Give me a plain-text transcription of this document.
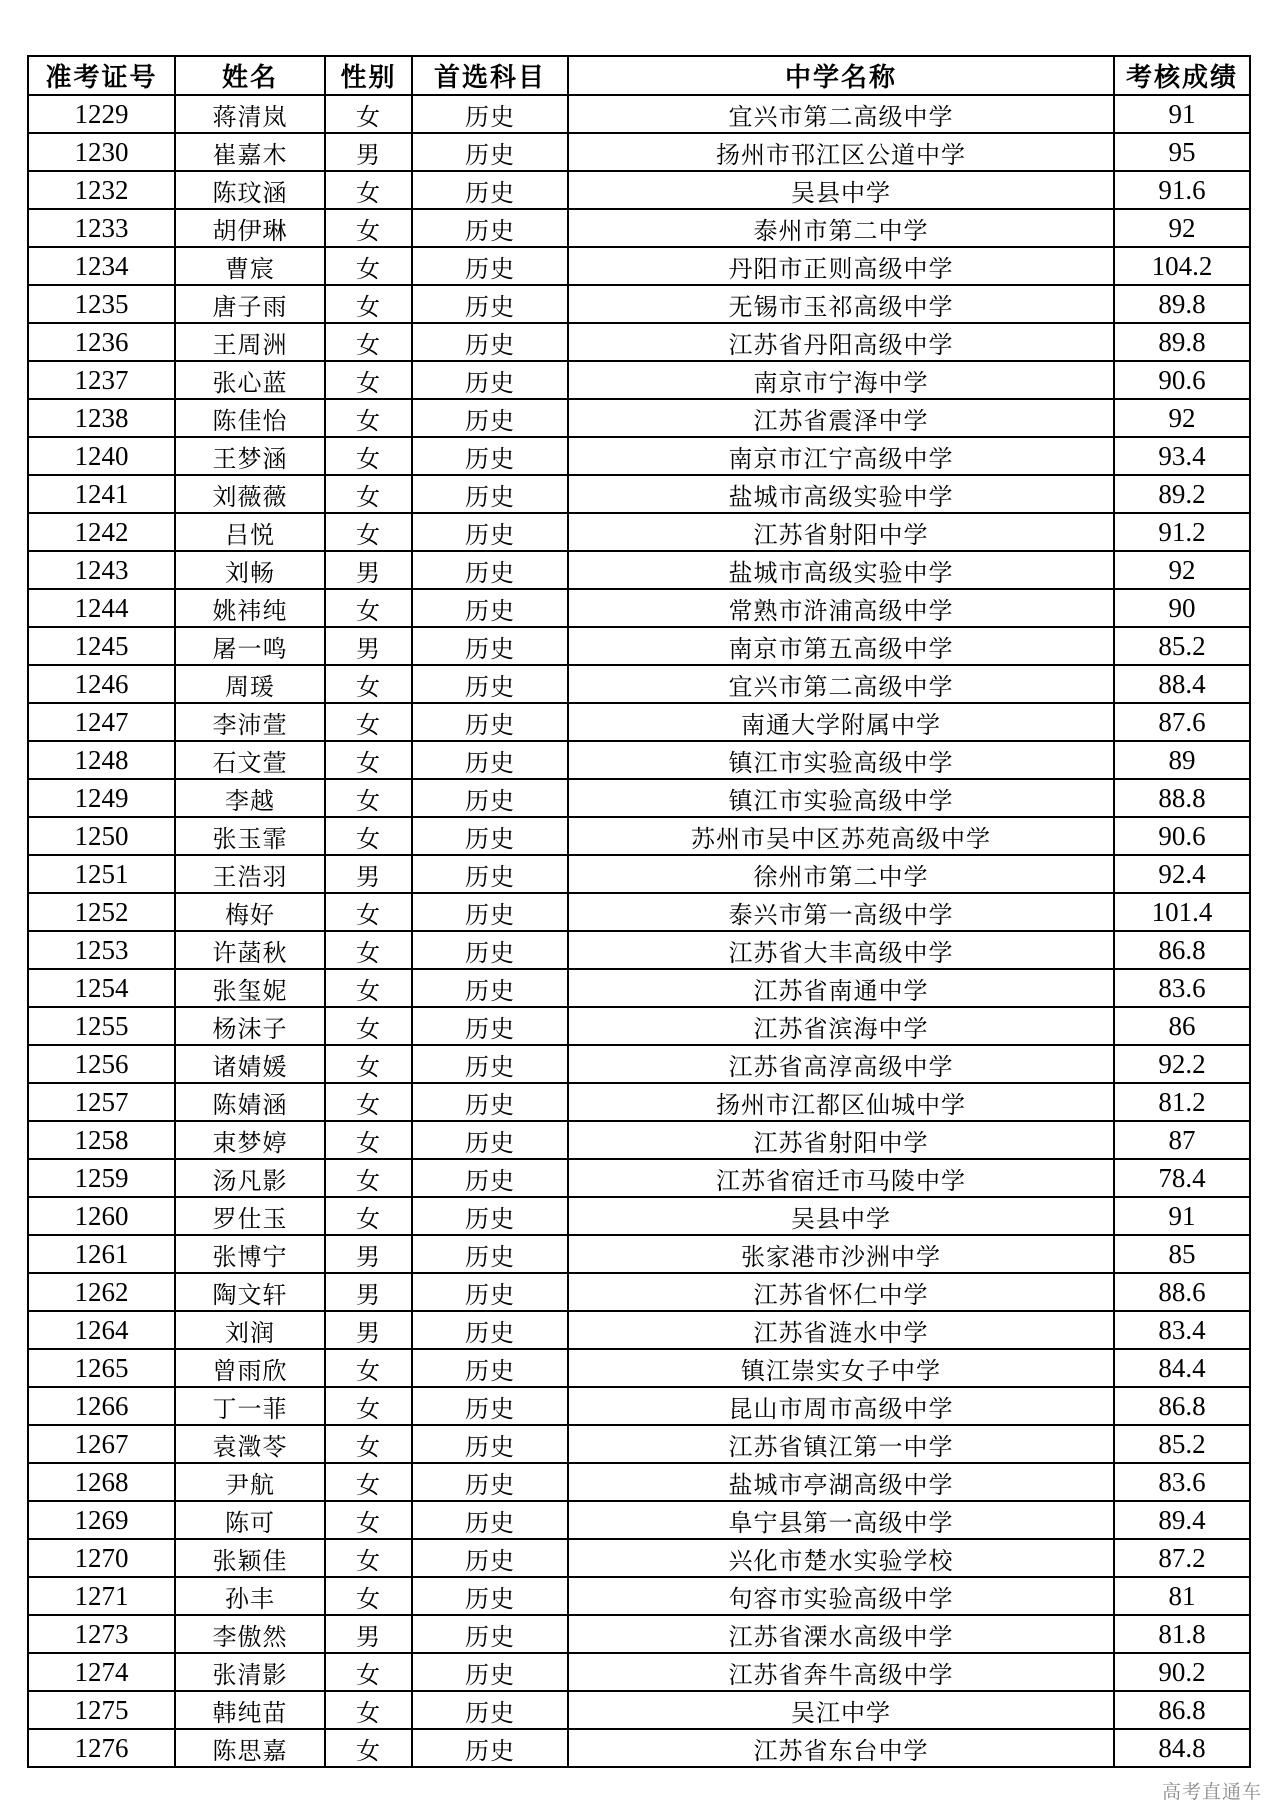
准考证号	姓名	性别	首选科目	中学名称	考核成绩
1229	蒋清岚	女	历史	宜兴市第二高级中学	91
1230	崔嘉木	男	历史	扬州市邗江区公道中学	95
1232	陈玟涵	女	历史	吴县中学	91.6
1233	胡伊琳	女	历史	泰州市第二中学	92
1234	曹宸	女	历史	丹阳市正则高级中学	104.2
1235	唐子雨	女	历史	无锡市玉祁高级中学	89.8
1236	王周洲	女	历史	江苏省丹阳高级中学	89.8
1237	张心蓝	女	历史	南京市宁海中学	90.6
1238	陈佳怡	女	历史	江苏省震泽中学	92
1240	王梦涵	女	历史	南京市江宁高级中学	93.4
1241	刘薇薇	女	历史	盐城市高级实验中学	89.2
1242	吕悦	女	历史	江苏省射阳中学	91.2
1243	刘畅	男	历史	盐城市高级实验中学	92
1244	姚祎纯	女	历史	常熟市浒浦高级中学	90
1245	屠一鸣	男	历史	南京市第五高级中学	85.2
1246	周瑗	女	历史	宜兴市第二高级中学	88.4
1247	李沛萱	女	历史	南通大学附属中学	87.6
1248	石文萱	女	历史	镇江市实验高级中学	89
1249	李越	女	历史	镇江市实验高级中学	88.8
1250	张玉霏	女	历史	苏州市吴中区苏苑高级中学	90.6
1251	王浩羽	男	历史	徐州市第二中学	92.4
1252	梅好	女	历史	泰兴市第一高级中学	101.4
1253	许菡秋	女	历史	江苏省大丰高级中学	86.8
1254	张玺妮	女	历史	江苏省南通中学	83.6
1255	杨沫子	女	历史	江苏省滨海中学	86
1256	诸婧媛	女	历史	江苏省高淳高级中学	92.2
1257	陈婧涵	女	历史	扬州市江都区仙城中学	81.2
1258	束梦婷	女	历史	江苏省射阳中学	87
1259	汤凡影	女	历史	江苏省宿迁市马陵中学	78.4
1260	罗仕玉	女	历史	吴县中学	91
1261	张博宁	男	历史	张家港市沙洲中学	85
1262	陶文轩	男	历史	江苏省怀仁中学	88.6
1264	刘润	男	历史	江苏省涟水中学	83.4
1265	曾雨欣	女	历史	镇江崇实女子中学	84.4
1266	丁一菲	女	历史	昆山市周市高级中学	86.8
1267	袁澂苓	女	历史	江苏省镇江第一中学	85.2
1268	尹航	女	历史	盐城市亭湖高级中学	83.6
1269	陈可	女	历史	阜宁县第一高级中学	89.4
1270	张颖佳	女	历史	兴化市楚水实验学校	87.2
1271	孙丰	女	历史	句容市实验高级中学	81
1273	李傲然	男	历史	江苏省溧水高级中学	81.8
1274	张清影	女	历史	江苏省奔牛高级中学	90.2
1275	韩纯苗	女	历史	吴江中学	86.8
1276	陈思嘉	女	历史	江苏省东台中学	84.8
高考直通车
